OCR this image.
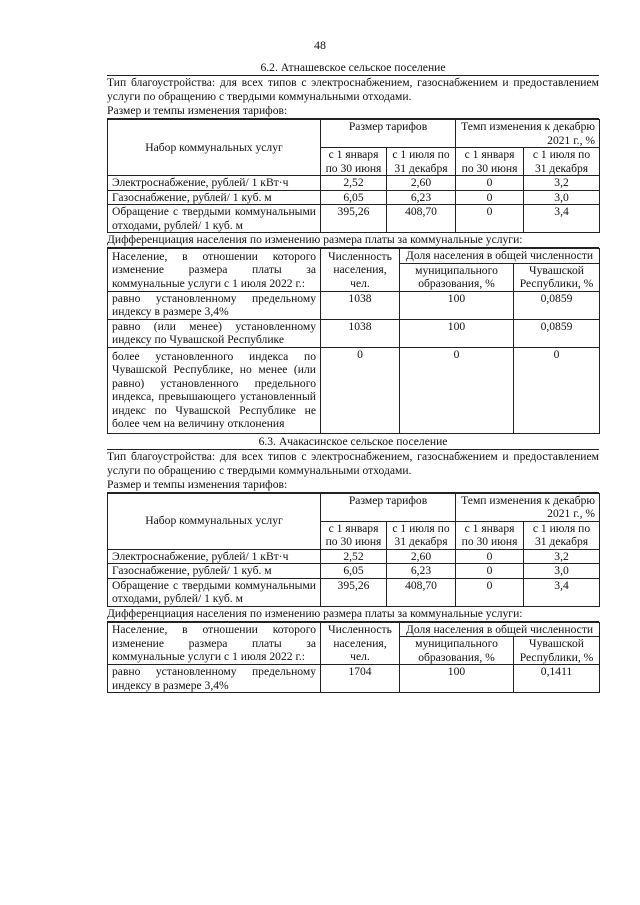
48
6.2. Атнашевское сельское поселение
Тип благоустройства: для всех типов с электроснабжением, газоснабжением и предоставлением услуги по обращению с твердыми коммунальными отходами.
Размер и темпы изменения тарифов:
Набор коммунальных услуг	Размер тарифов		Темп изменения к декабрю 2021 г., %	
	с 1 января по 30 июня	с 1 июля по 31 декабря	с 1 января по 30 июня	с 1 июля по 31 декабря
Электроснабжение, рублей/ 1 кВт·ч	2,52	2,60	0	3,2
Газоснабжение, рублей/ 1 куб. м	6,05	6,23	0	3,0
Обращение с твердыми коммунальными отходами, рублей/ 1 куб. м	395,26	408,70	0	3,4
Дифференциация населения по изменению размера платы за коммунальные услуги:
Население, в отношении которого изменение размера платы за коммунальные услуги с 1 июля 2022 г.:	Численность населения, чел.	Доля населения в общей численности	
		муниципального образования, %	Чувашской Республики, %
равно установленному предельному индексу в размере 3,4%	1038	100	0,0859
равно (или менее) установленному индексу по Чувашской Республике	1038	100	0,0859
более установленного индекса по Чувашской Республике, но менее (или равно) установленного предельного индекса, превышающего установленный индекс по Чувашской Республике не более чем на величину отклонения	0	0	0
6.3. Ачакасинское сельское поселение
Тип благоустройства: для всех типов с электроснабжением, газоснабжением и предоставлением услуги по обращению с твердыми коммунальными отходами.
Размер и темпы изменения тарифов:
Набор коммунальных услуг	Размер тарифов		Темп изменения к декабрю 2021 г., %	
	с 1 января по 30 июня	с 1 июля по 31 декабря	с 1 января по 30 июня	с 1 июля по 31 декабря
Электроснабжение, рублей/ 1 кВт·ч	2,52	2,60	0	3,2
Газоснабжение, рублей/ 1 куб. м	6,05	6,23	0	3,0
Обращение с твердыми коммунальными отходами, рублей/ 1 куб. м	395,26	408,70	0	3,4
Дифференциация населения по изменению размера платы за коммунальные услуги:
Население, в отношении которого изменение размера платы за коммунальные услуги с 1 июля 2022 г.:	Численность населения, чел.	Доля населения в общей численности	
		муниципального образования, %	Чувашской Республики, %
равно установленному предельному индексу в размере 3,4%	1704	100	0,1411
